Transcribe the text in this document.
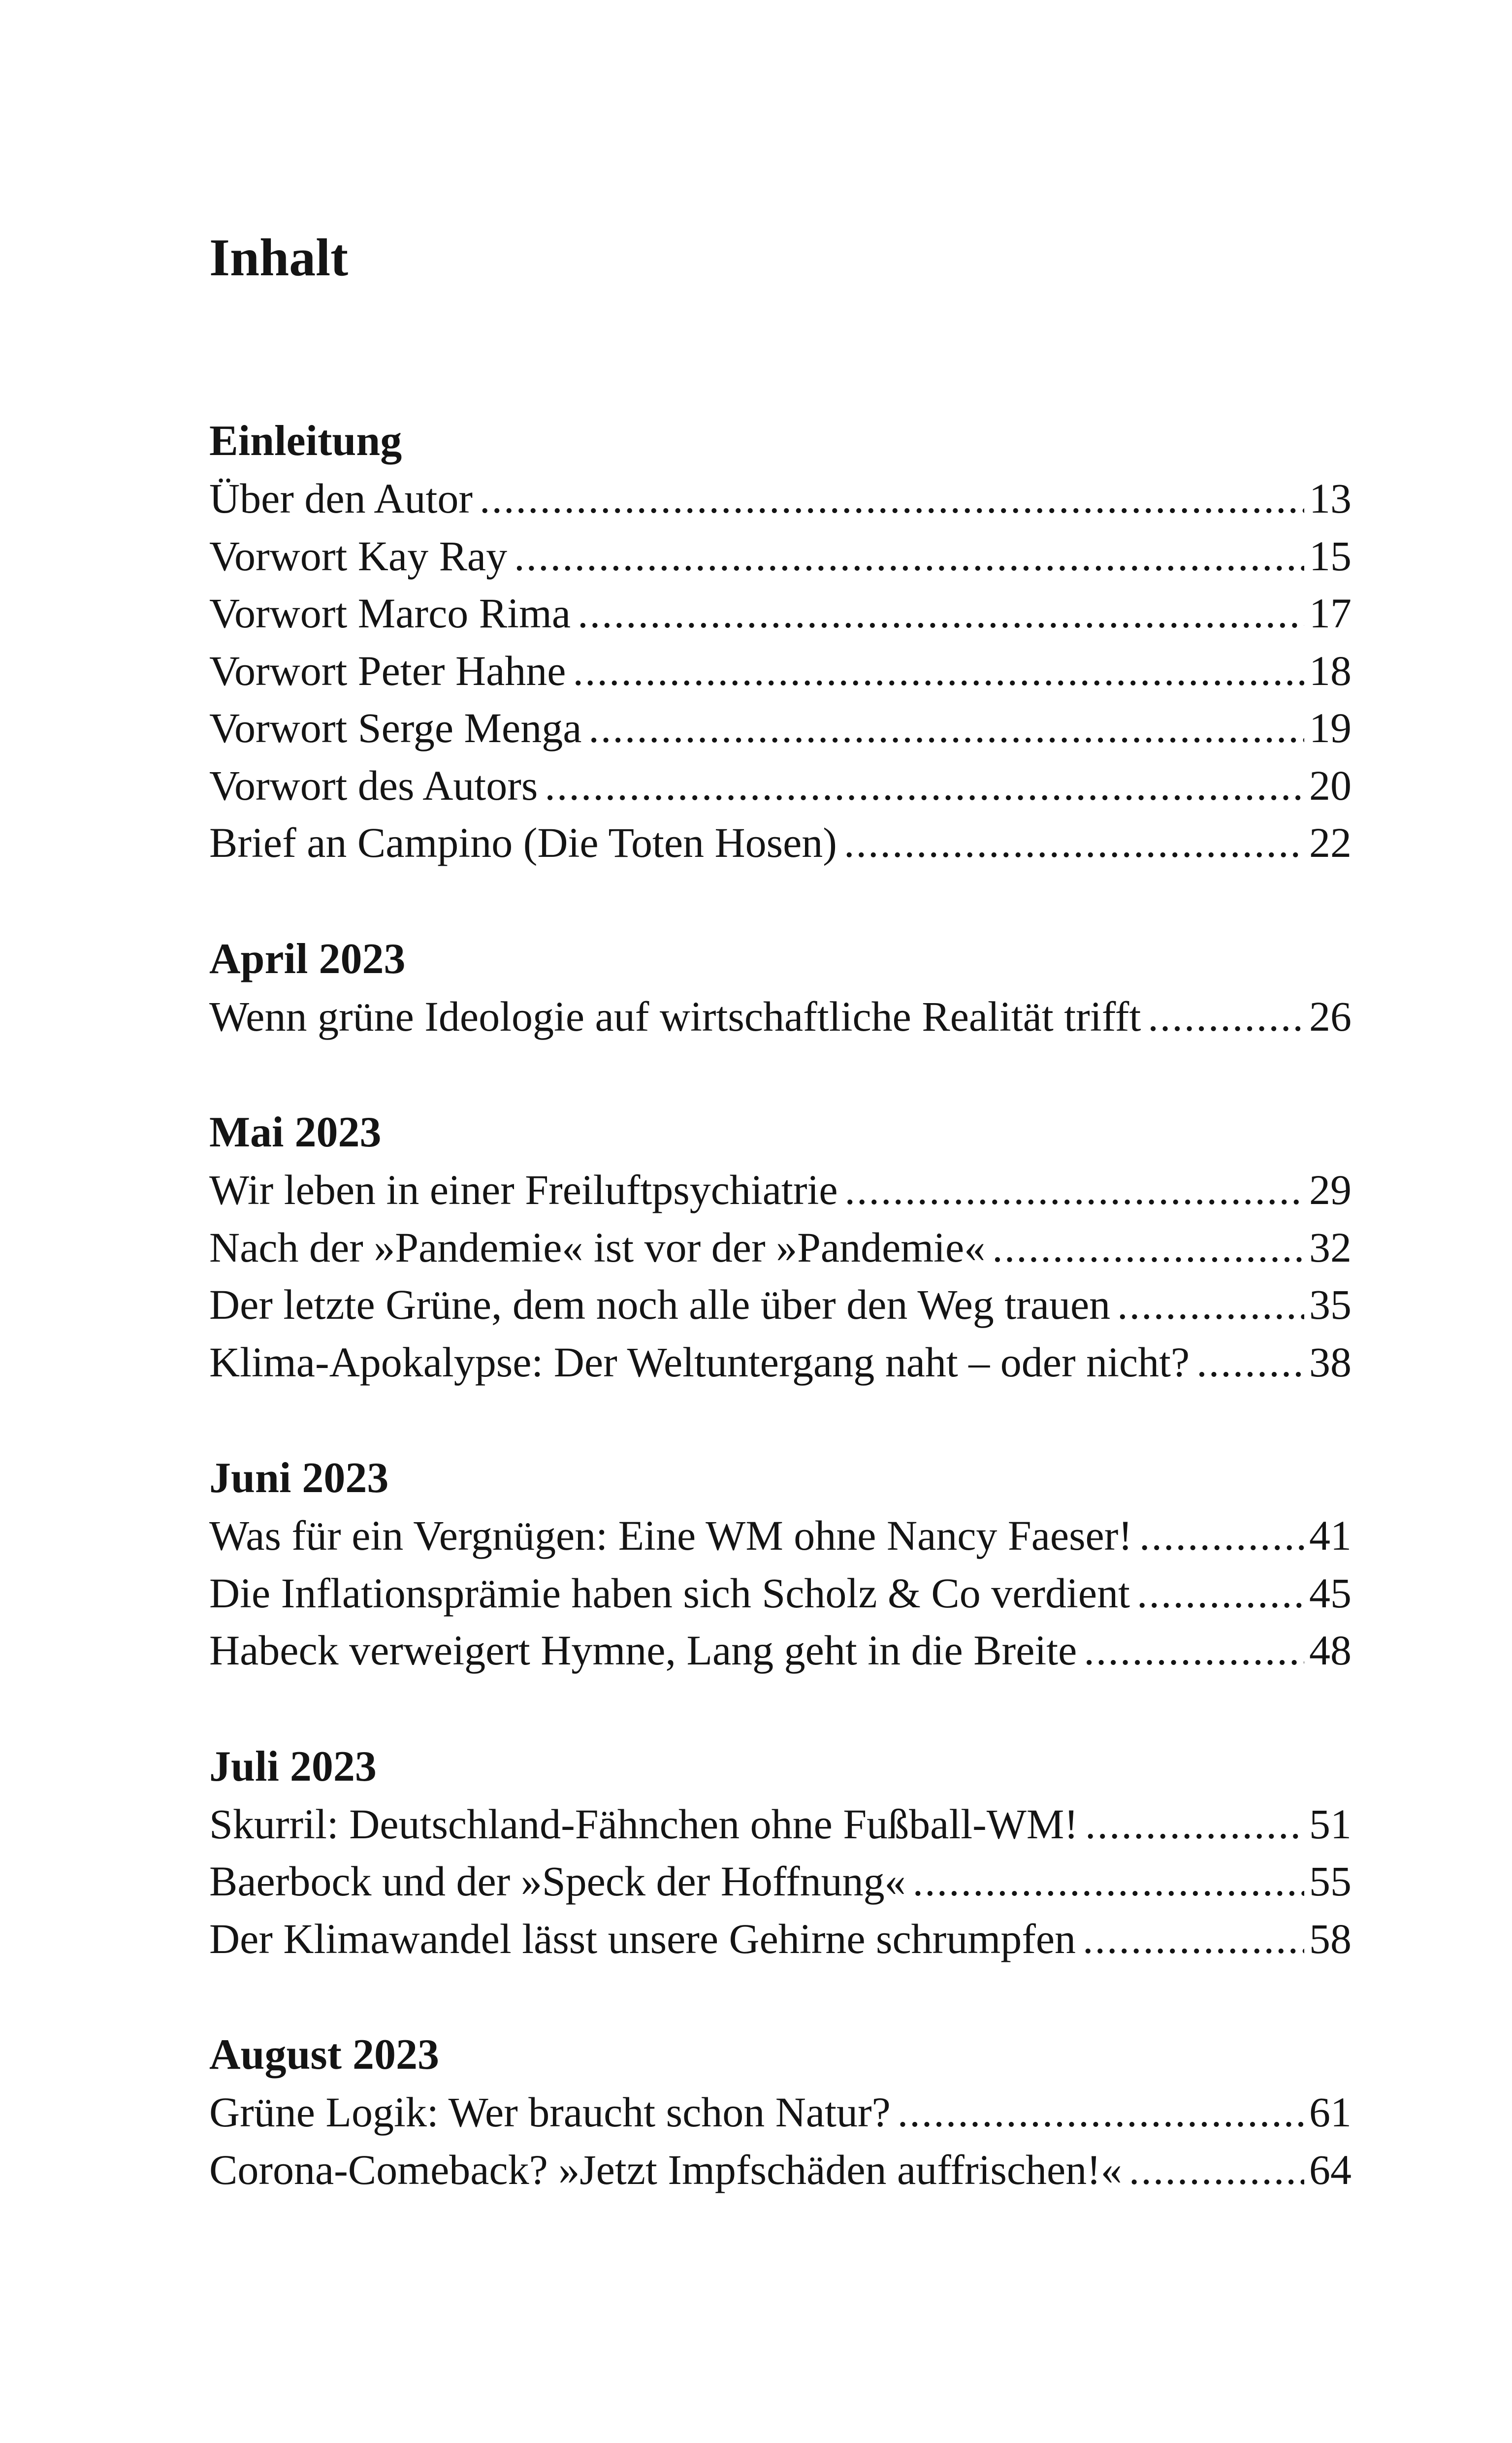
Inhalt
Einleitung
Über den Autor .....	13
Vorwort Kay Ray .....	15
Vorwort Marco Rima .....	17
Vorwort Peter Hahne .....	18
Vorwort Serge Menga .....	19
Vorwort des Autors .....	20
Brief an Campino (Die Toten Hosen) .....	22
April 2023
Wenn grüne Ideologie auf wirtschaftliche Realität trifft .....	26
Mai 2023
Wir leben in einer Freiluftpsychiatrie .....	29
Nach der »Pandemie« ist vor der »Pandemie« .....	32
Der letzte Grüne, dem noch alle über den Weg trauen .....	35
Klima-Apokalypse: Der Weltuntergang naht – oder nicht? .....	38
Juni 2023
Was für ein Vergnügen: Eine WM ohne Nancy Faeser! .....	41
Die Inflationsprämie haben sich Scholz & Co verdient .....	45
Habeck verweigert Hymne, Lang geht in die Breite .....	48
Juli 2023
Skurril: Deutschland-Fähnchen ohne Fußball-WM! .....	51
Baerbock und der »Speck der Hoffnung« .....	55
Der Klimawandel lässt unsere Gehirne schrumpfen .....	58
August 2023
Grüne Logik: Wer braucht schon Natur? .....	61
Corona-Comeback? »Jetzt Impfschäden auffrischen!« .....	64
